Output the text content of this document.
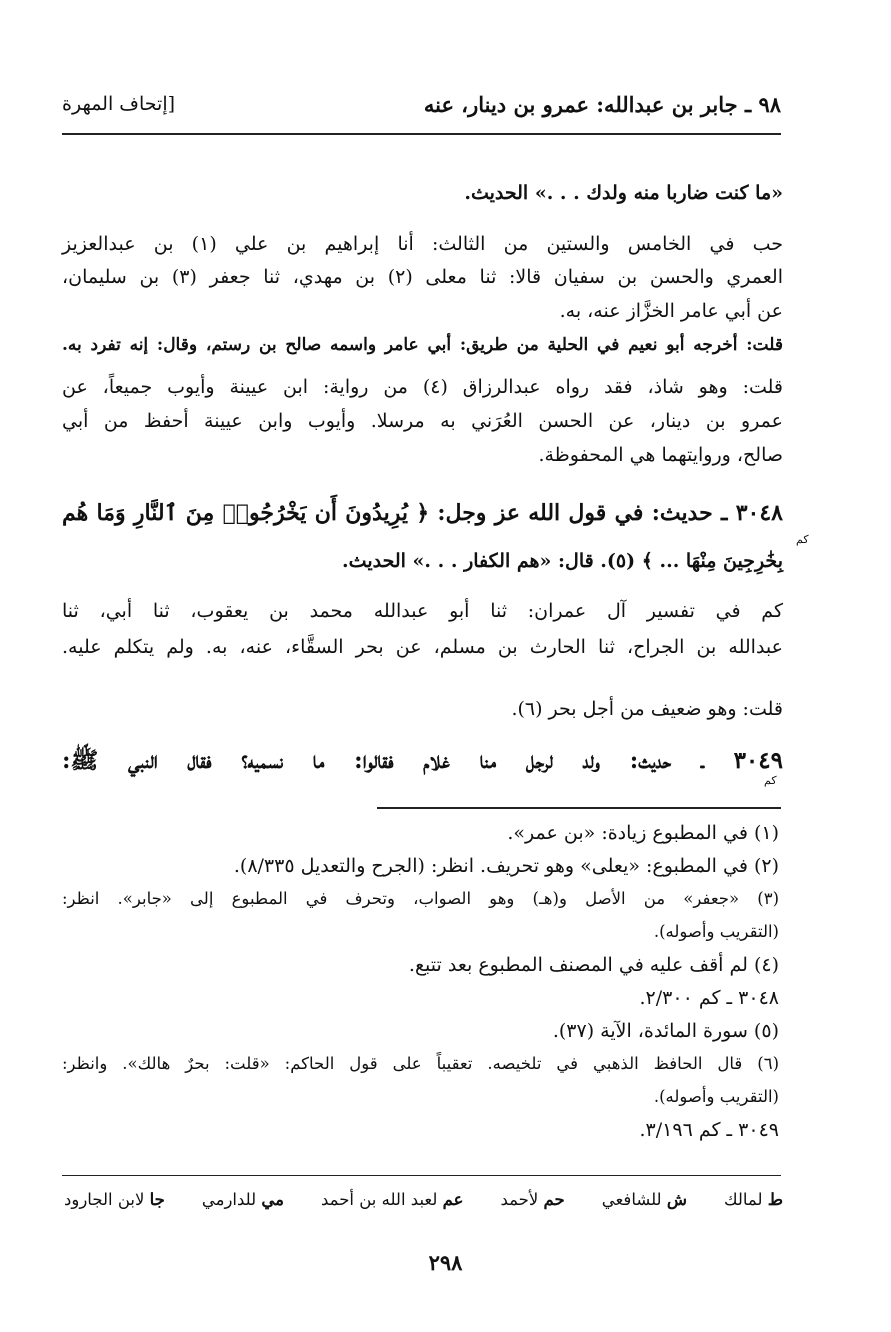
٩٨ ـ جابر بن عبدالله: عمرو بن دينار، عنه
[إتحاف المهرة
«ما كنت ضاربا منه ولدك . . .» الحديث.
حب في الخامس والستين من الثالث: أنا إبراهيم بن علي (١) بن عبدالعزيز
العمري والحسن بن سفيان قالا: ثنا معلى (٢) بن مهدي، ثنا جعفر (٣) بن سليمان،
عن أبي عامر الخزَّاز عنه، به.
قلت: أخرجه أبو نعيم في الحلية من طريق: أبي عامر واسمه صالح بن رستم، وقال: إنه تفرد به.
قلت: وهو شاذ، فقد رواه عبدالرزاق (٤) من رواية: ابن عيينة وأيوب جميعاً، عن
عمرو بن دينار، عن الحسن العُرَني به مرسلا. وأيوب وابن عيينة أحفظ من أبي
صالح، وروايتهما هي المحفوظة.
٣٠٤٨ ـ حديث: في قول الله عز وجل: ﴿ يُرِيدُونَ أَن يَخْرُجُوا۟ مِنَ ٱلنَّارِ وَمَا هُم
بِخَٰرِجِينَ مِنْهَا ... ﴾ (٥). قال: «هم الكفار . . .» الحديث.
كم في تفسير آل عمران: ثنا أبو عبدالله محمد بن يعقوب، ثنا أبي، ثنا
عبدالله بن الجراح، ثنا الحارث بن مسلم، عن بحر السقَّاء، عنه، به. ولم يتكلم عليه.
قلت: وهو ضعيف من أجل بحر (٦).
٣٠٤٩ ـ حديث: ولد لرجل منا غلام فقالوا: ما نسميه؟ فقال النبي ﷺ:
كم
كم
(١) في المطبوع زيادة: «بن عمر».
(٢) في المطبوع: «يعلى» وهو تحريف. انظر: (الجرح والتعديل ٨/٣٣٥).
(٣) «جعفر» من الأصل و(هـ) وهو الصواب، وتحرف في المطبوع إلى «جابر». انظر:
(التقريب وأصوله).
(٤) لم أقف عليه في المصنف المطبوع بعد تتبع.
٣٠٤٨ ـ كم ٢/٣٠٠.
(٥) سورة المائدة، الآية (٣٧).
(٦) قال الحافظ الذهبي في تلخيصه. تعقيباً على قول الحاكم: «قلت: بحرٌ هالك». وانظر:
(التقريب وأصوله).
٣٠٤٩ ـ كم ٣/١٩٦.
ط لمالك
ش للشافعي
حم لأحمد
عم لعبد الله بن أحمد
مي للدارمي
جا لابن الجارود
٢٩٨
